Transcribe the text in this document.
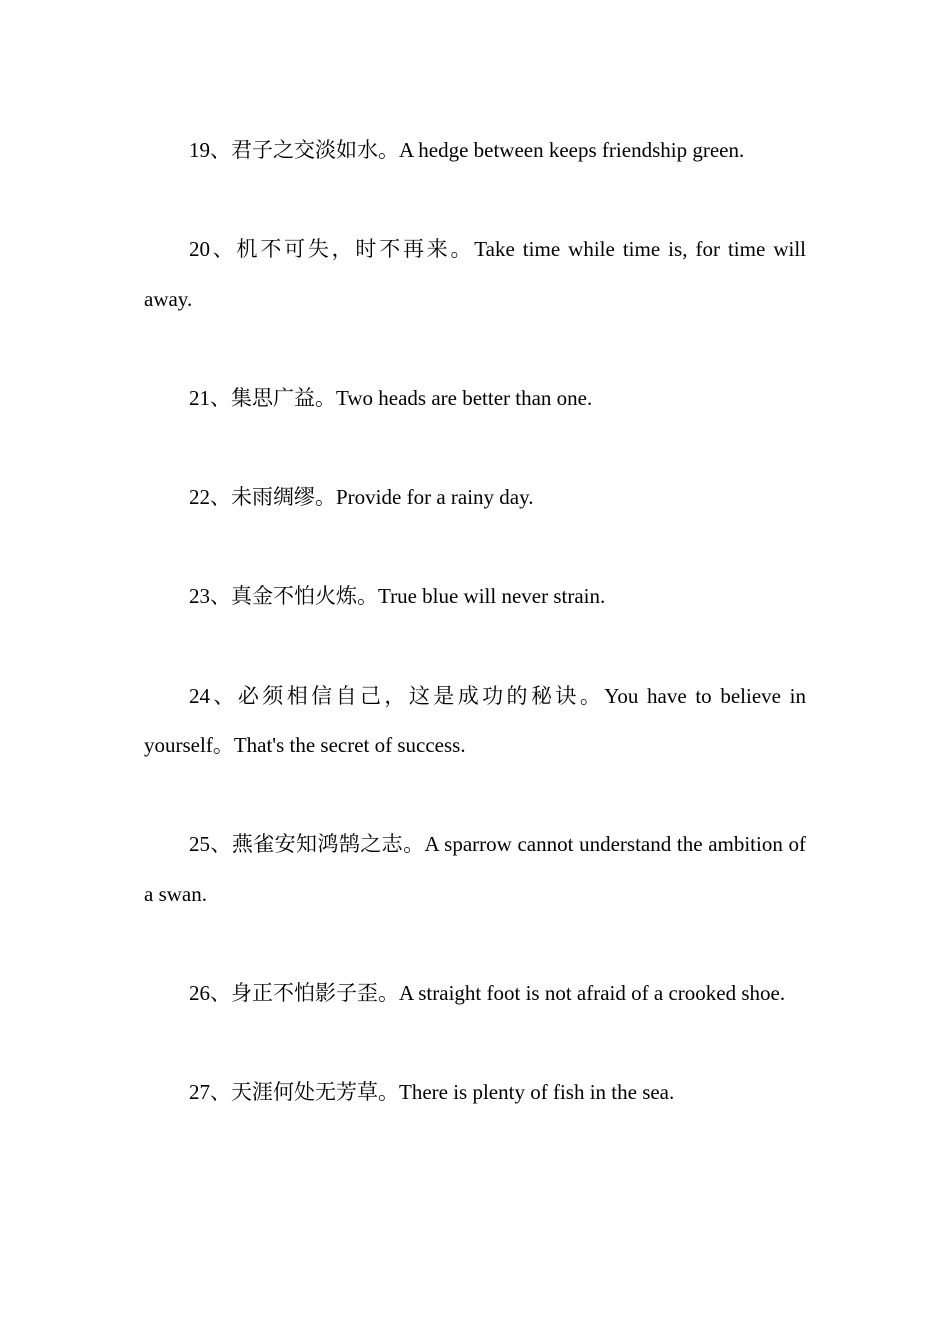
19、君子之交淡如水。A hedge between keeps friendship green.

20、机不可失，时不再来。Take time while time is, for time will away.

21、集思广益。Two heads are better than one.

22、未雨绸缪。Provide for a rainy day.

23、真金不怕火炼。True blue will never strain.

24、必须相信自己，这是成功的秘诀。You have to believe in yourself。That's the secret of success.

25、燕雀安知鸿鹄之志。A sparrow cannot understand the ambition of a swan.

26、身正不怕影子歪。A straight foot is not afraid of a crooked shoe.

27、天涯何处无芳草。There is plenty of fish in the sea.
